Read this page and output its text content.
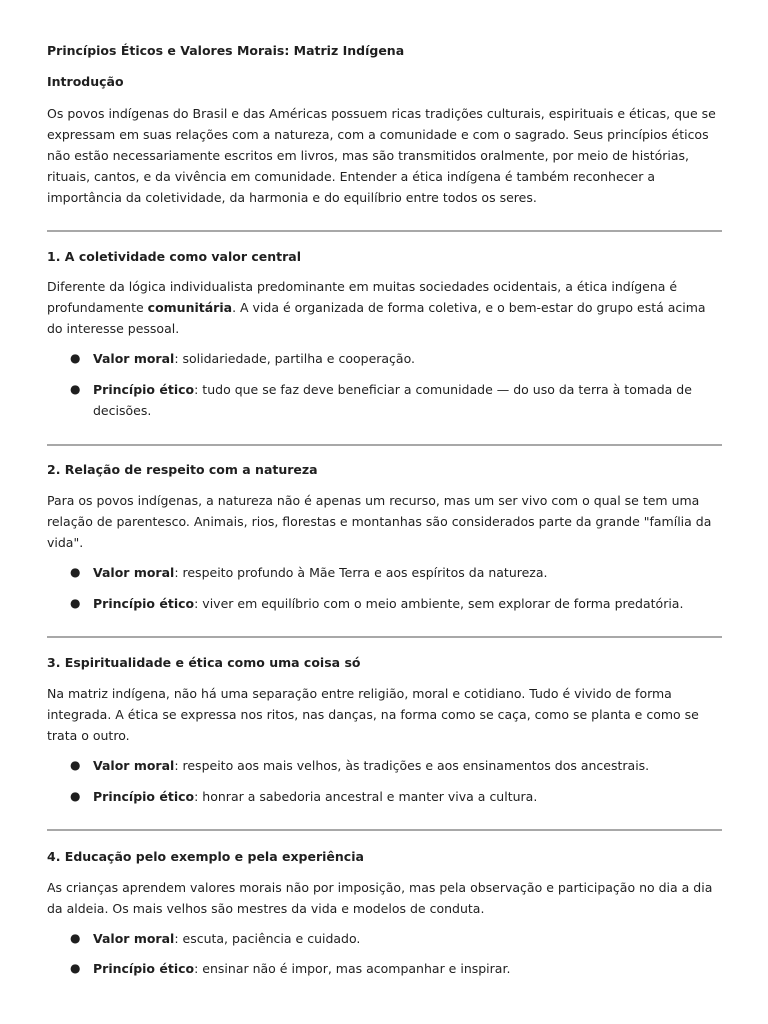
Princípios Éticos e Valores Morais: Matriz Indígena
Introdução

Os povos indígenas do Brasil e das Américas possuem ricas tradições culturais, espirituais e éticas, que se expressam em suas relações com a natureza, com a comunidade e com o sagrado. Seus princípios éticos não estão necessariamente escritos em livros, mas são transmitidos oralmente, por meio de histórias, rituais, cantos, e da vivência em comunidade. Entender a ética indígena é também reconhecer a importância da coletividade, da harmonia e do equilíbrio entre todos os seres.

1. A coletividade como valor central

Diferente da lógica individualista predominante em muitas sociedades ocidentais, a ética indígena é profundamente comunitária. A vida é organizada de forma coletiva, e o bem-estar do grupo está acima do interesse pessoal.

● Valor moral: solidariedade, partilha e cooperação.
● Princípio ético: tudo que se faz deve beneficiar a comunidade — do uso da terra à tomada de decisões.
2. Relação de respeito com a natureza

Para os povos indígenas, a natureza não é apenas um recurso, mas um ser vivo com o qual se tem uma relação de parentesco. Animais, rios, florestas e montanhas são considerados parte da grande "família da vida".

● Valor moral: respeito profundo à Mãe Terra e aos espíritos da natureza.
● Princípio ético: viver em equilíbrio com o meio ambiente, sem explorar de forma predatória.
3. Espiritualidade e ética como uma coisa só

Na matriz indígena, não há uma separação entre religião, moral e cotidiano. Tudo é vivido de forma integrada. A ética se expressa nos ritos, nas danças, na forma como se caça, como se planta e como se trata o outro.

● Valor moral: respeito aos mais velhos, às tradições e aos ensinamentos dos ancestrais.
● Princípio ético: honrar a sabedoria ancestral e manter viva a cultura.
4. Educação pelo exemplo e pela experiência

As crianças aprendem valores morais não por imposição, mas pela observação e participação no dia a dia da aldeia. Os mais velhos são mestres da vida e modelos de conduta.

● Valor moral: escuta, paciência e cuidado.
● Princípio ético: ensinar não é impor, mas acompanhar e inspirar.
